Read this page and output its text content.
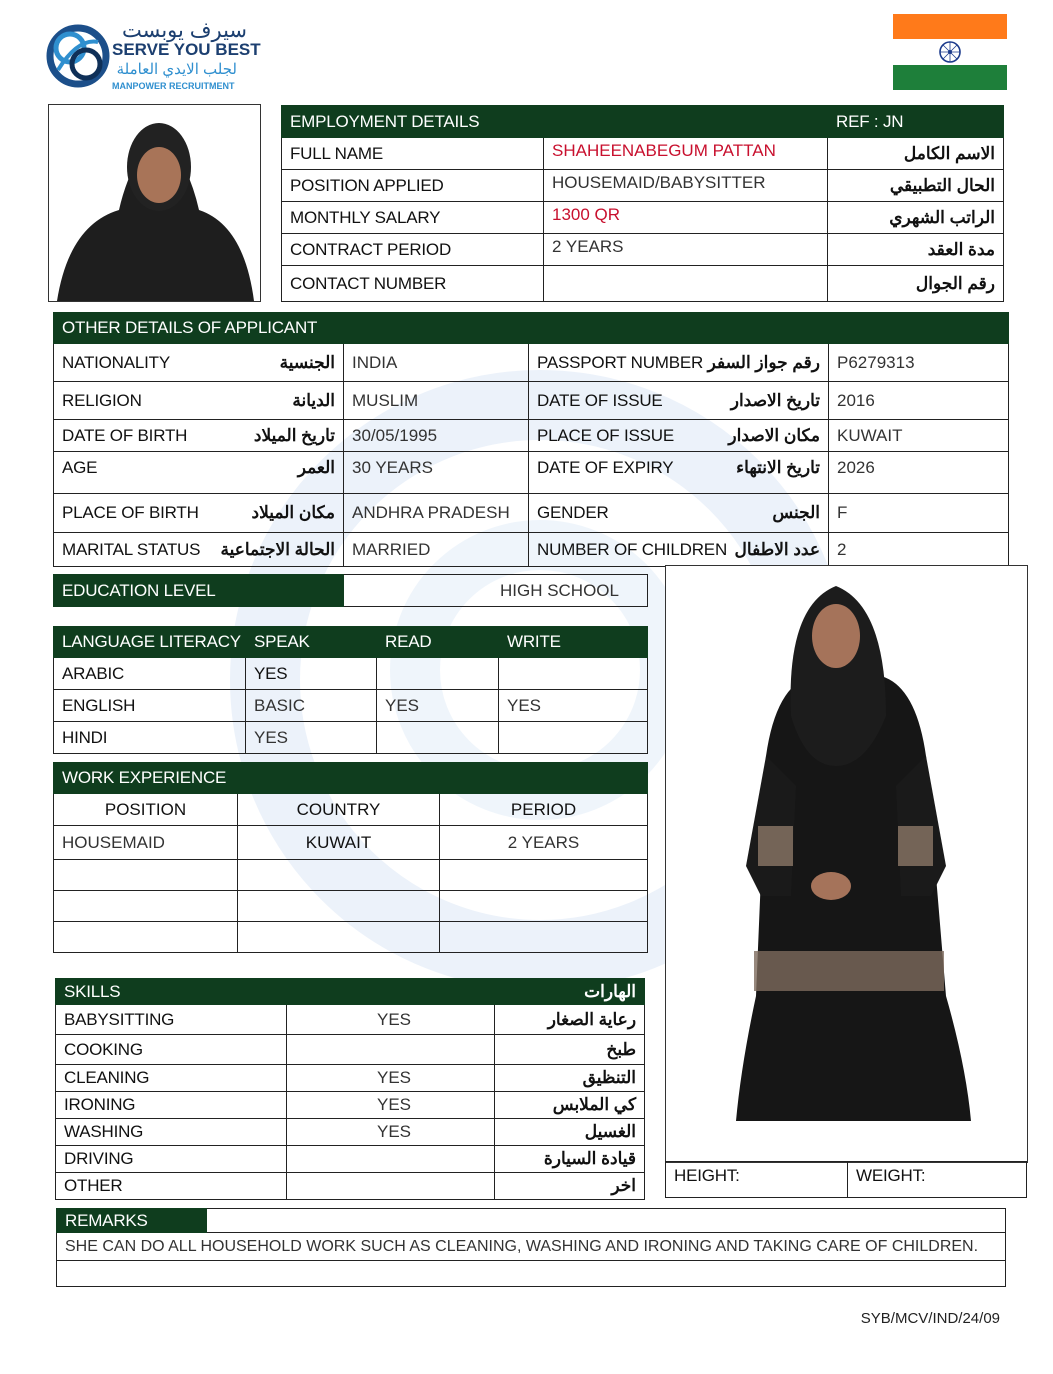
سيرف يوبست
SERVE YOU BEST
لجلب الايدي العاملة
MANPOWER RECRUITMENT
EMPLOYMENT DETAILS		REF : JN
FULL NAME	SHAHEENABEGUM PATTAN	الاسم الكامل
POSITION APPLIED	HOUSEMAID/BABYSITTER	الحال التطبيقي
MONTHLY SALARY	1300 QR	الراتب الشهري
CONTRACT PERIOD	2 YEARS	مدة العقد
CONTACT NUMBER		رقم الجوال
OTHER DETAILS OF APPLICANT			
NATIONALITY الجنسية	INDIA	PASSPORT NUMBER رقم جواز السفر	P6279313
RELIGION الديانة	MUSLIM	DATE OF ISSUE تاريخ الاصدار	2016
DATE OF BIRTH تاريخ الميلاد	30/05/1995	PLACE OF ISSUE مكان الاصدار	KUWAIT
AGE العمر	30 YEARS	DATE OF EXPIRY تاريخ الانتهاء	2026
PLACE OF BIRTH مكان الميلاد	ANDHRA PRADESH	GENDER الجنس	F
MARITAL STATUS الحالة الاجتماعية	MARRIED	NUMBER OF CHILDREN عدد الاطفال	2
EDUCATION LEVEL	HIGH SCHOOL
LANGUAGE LITERACY	SPEAK	READ	WRITE
ARABIC	YES		
ENGLISH	BASIC	YES	YES
HINDI	YES		
WORK EXPERIENCE			
POSITION	COUNTRY		PERIOD
HOUSEMAID	KUWAIT		2 YEARS

SKILLS		الهارات	
BABYSITTING	YES		رعاية الصغار
COOKING			طبخ
CLEANING	YES		التنظيق
IRONING	YES		كي الملابس
WASHING	YES		الغسيل
DRIVING			قيادة السيارة
OTHER			اخر
HEIGHT:	WEIGHT:
REMARKS	
SHE CAN DO ALL HOUSEHOLD WORK SUCH AS CLEANING, WASHING AND IRONING AND TAKING CARE OF CHILDREN.

SYB/MCV/IND/24/09
